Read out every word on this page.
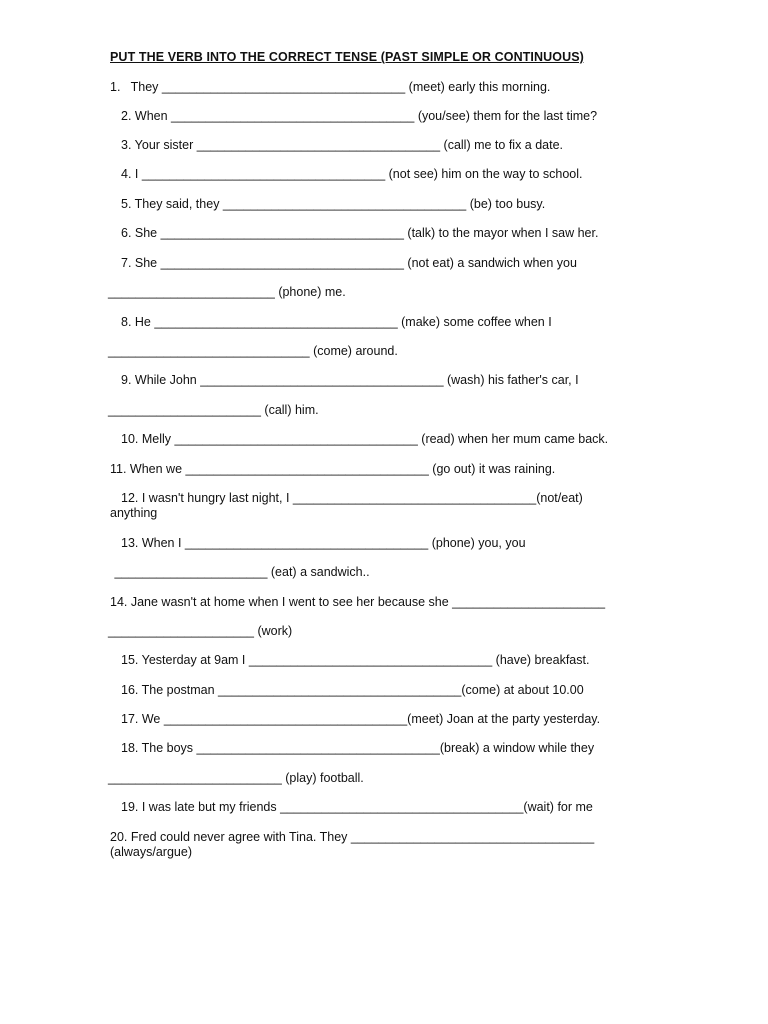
PUT THE VERB INTO THE CORRECT TENSE (PAST SIMPLE OR CONTINUOUS)
1.   They ___________________________________ (meet) early this morning.
2. When ___________________________________ (you/see) them for the last time?
3. Your sister ___________________________________ (call) me to fix a date.
4. I ___________________________________ (not see) him on the way to school.
5. They said, they ___________________________________ (be) too busy.
6. She ___________________________________ (talk) to the mayor when I saw her.
7. She ___________________________________ (not eat) a sandwich when you
________________________ (phone) me.
8. He ___________________________________ (make) some coffee when I
_____________________________ (come) around.
9. While John ___________________________________ (wash) his father's car, I
______________________ (call) him.
10. Melly ___________________________________ (read) when her mum came back.
11. When we ___________________________________ (go out) it was raining.
12. I wasn't hungry last night, I ___________________________________(not/eat)
anything
13. When I ___________________________________ (phone) you, you
______________________ (eat) a sandwich..
14. Jane wasn't at home when I went to see her because she ______________________
_____________________ (work)
15. Yesterday at 9am I ___________________________________ (have) breakfast.
16. The postman ___________________________________(come) at about 10.00
17. We ___________________________________(meet) Joan at the party yesterday.
18. The boys ___________________________________(break) a window while they
_________________________ (play) football.
19. I was late but my friends ___________________________________(wait) for me
20. Fred could never agree with Tina. They ___________________________________
(always/argue)
